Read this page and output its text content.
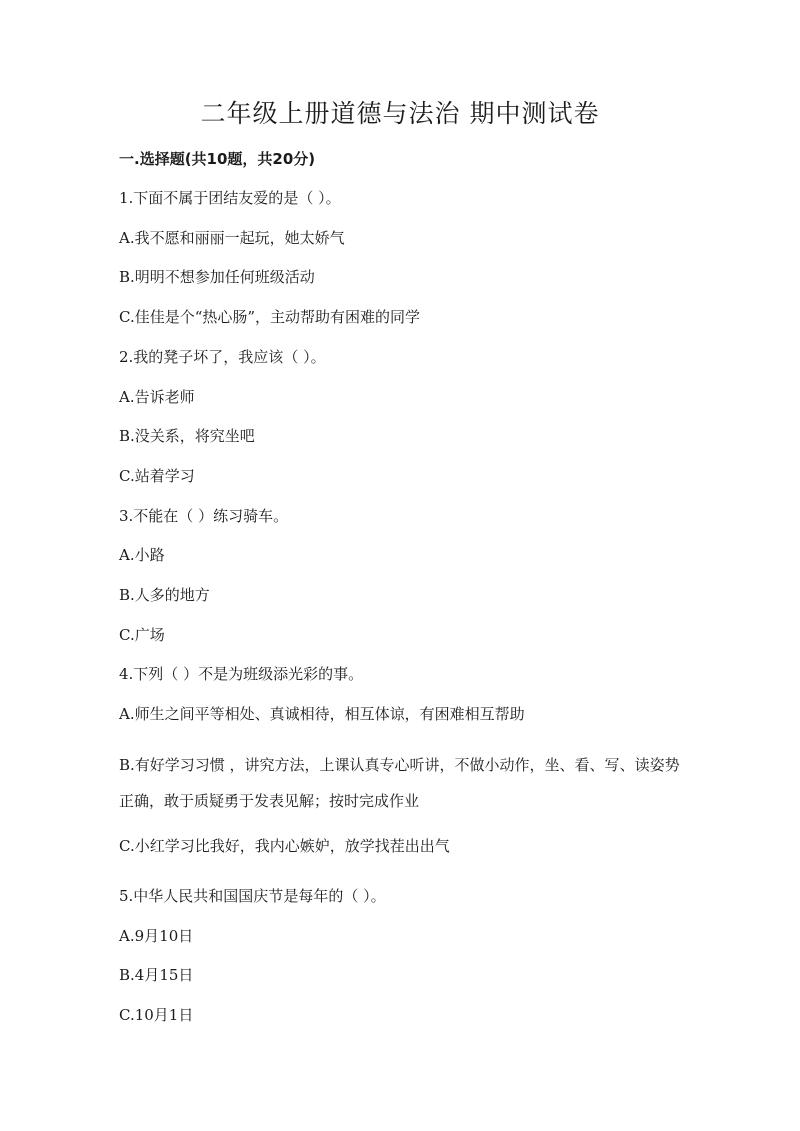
二年级上册道德与法治 期中测试卷
一.选择题(共10题，共20分)
1.下面不属于团结友爱的是（ ）。
A.我不愿和丽丽一起玩，她太娇气
B.明明不想参加任何班级活动
C.佳佳是个“热心肠”，主动帮助有困难的同学
2.我的凳子坏了，我应该（ ）。
A.告诉老师
B.没关系，将究坐吧
C.站着学习
3.不能在（ ）练习骑车。
A.小路
B.人多的地方
C.广场
4.下列（ ）不是为班级添光彩的事。
A.师生之间平等相处、真诚相待，相互体谅，有困难相互帮助
B.有好学习习惯 ，讲究方法，上课认真专心听讲，不做小动作，坐、看、写、读姿势正确，敢于质疑勇于发表见解；按时完成作业
C.小红学习比我好，我内心嫉妒，放学找茬出出气
5.中华人民共和国国庆节是每年的（ ）。
A.9月10日
B.4月15日
C.10月1日
